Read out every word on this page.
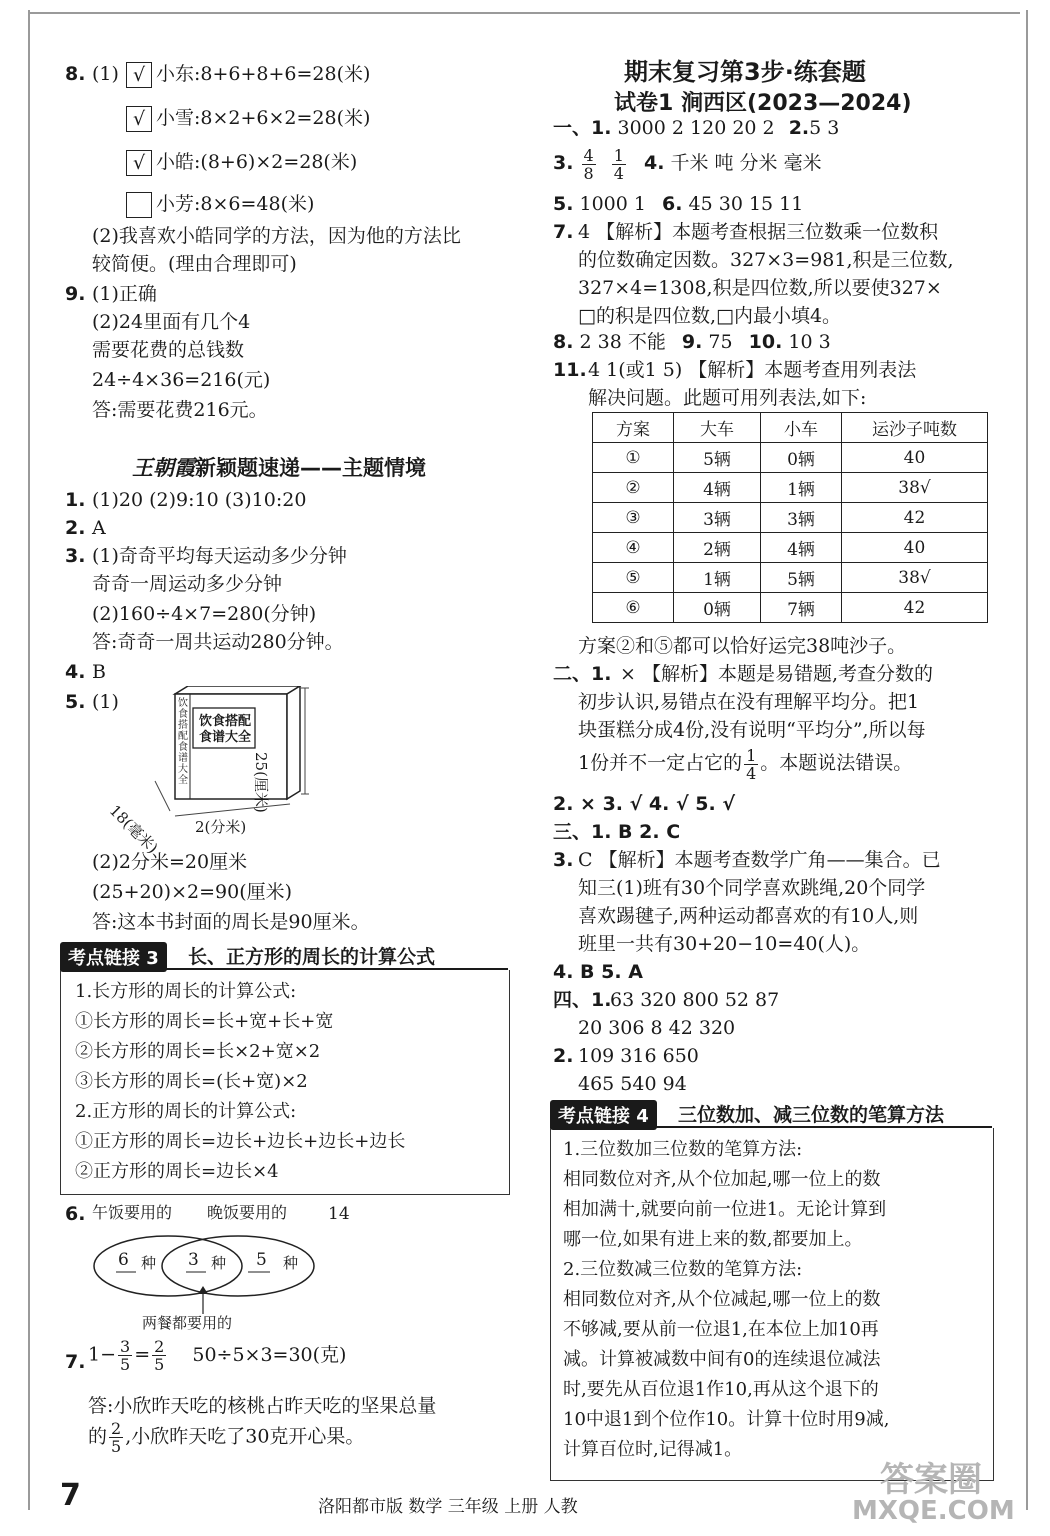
8. (1) √ 小东:8+6+8+6=28(米)
√ 小雪:8×2+6×2=28(米)
√ 小皓:(8+6)×2=28(米)
小芳:8×6=48(米)
(2)我喜欢小皓同学的方法，因为他的方法比
较简便。(理由合理即可)
9. (1)正确
(2)24里面有几个4
需要花费的总钱数
24÷4×36=216(元)
答:需要花费216元。
王朝霞新颖题速递——主题情境
1. (1)20 (2)9:10 (3)10:20
2. A
3. (1)奇奇平均每天运动多少分钟
奇奇一周运动多少分钟
(2)160÷4×7=280(分钟)
答:奇奇一周共运动280分钟。
4. B
5. (1)
饮食搭配食谱大全
饮食搭配食谱大全	25(厘米)
18(毫米) 2(分米)
(2)2分米=20厘米
(25+20)×2=90(厘米)
答:这本书封面的周长是90厘米。
考点链接 3	长、正方形的周长的计算公式
1.长方形的周长的计算公式:
①长方形的周长=长+宽+长+宽
②长方形的周长=长×2+宽×2
③长方形的周长=(长+宽)×2
2.正方形的周长的计算公式:
①正方形的周长=边长+边长+边长+边长
②正方形的周长=边长×4
6. 午饭要用的 晚饭要用的 14
6 种 3 种 5 种
两餐都要用的
7. $1- \frac{3}{5} = \frac{2}{5} 50\div 5\times 3=30$(克)
答:小欣昨天吃的核桃占昨天吃的坚果总量
的 $\frac{2}{5}$ ,小欣昨天吃了30克开心果。
7
期末复习第3步·练套题
试卷1 涧西区(2023—2024)
一、1. 3000 2 120 20 2 2.5 3
3. $\frac{4}{8}$
$\frac{1}{4} 4$. 千米 吨 分米 毫米
5. 1000 1 6. 45 30 15 11
7. 4 【解析】本题考查根据三位数乘一位数积
的位数确定因数。327×3=981,积是三位数,
327×4=1308,积是四位数,所以要使327×
□的积是四位数,□内最小填4。
8. 2 38 不能 9. 75 10. 10 3
11. 4 1(或1 5) 【解析】本题考查用列表法
解决问题。此题可用列表法,如下:
方案	大车	小车	运沙子吨数
①	5辆	0辆	40
②	4辆	1辆	38√
③	3辆	3辆	42
④	2辆	4辆	40
⑤	1辆	5辆	38√
⑥	0辆	7辆	42
方案②和⑤都可以恰好运完38吨沙子。
二、1. × 【解析】本题是易错题,考查分数的
初步认识,易错点在没有理解平均分。把1
块蛋糕分成4份,没有说明“平均分”,所以每
1份并不一定占它的 $\frac{1}{4}$ 。本题说法错误。
2. × 3. √ 4. √ 5. √
三、1. B 2. C
3. C 【解析】本题考查数学广角——集合。已
知三(1)班有30个同学喜欢跳绳,20个同学
喜欢踢毽子,两种运动都喜欢的有10人,则
班里一共有30+20−10=40(人)。
4. B 5. A
四、1.
63 320 800 52 87
20 306 8 42 320
2. 109 316 650
465 540 94
考点链接 4	三位数加、减三位数的笔算方法
1.三位数加三位数的笔算方法:
相同数位对齐,从个位加起,哪一位上的数
相加满十,就要向前一位进1。无论计算到
哪一位,如果有进上来的数,都要加上。
2.三位数减三位数的笔算方法:
相同数位对齐,从个位减起,哪一位上的数
不够减,要从前一位退1,在本位上加10再
减。计算被减数中间有0的连续退位减法
时,要先从百位退1作10,再从这个退下的
10中退1到个位作10。计算十位时用9减,
计算百位时,记得减1。
洛阳都市版 数学 三年级 上册 人教
答案圈
MXQE.COM
